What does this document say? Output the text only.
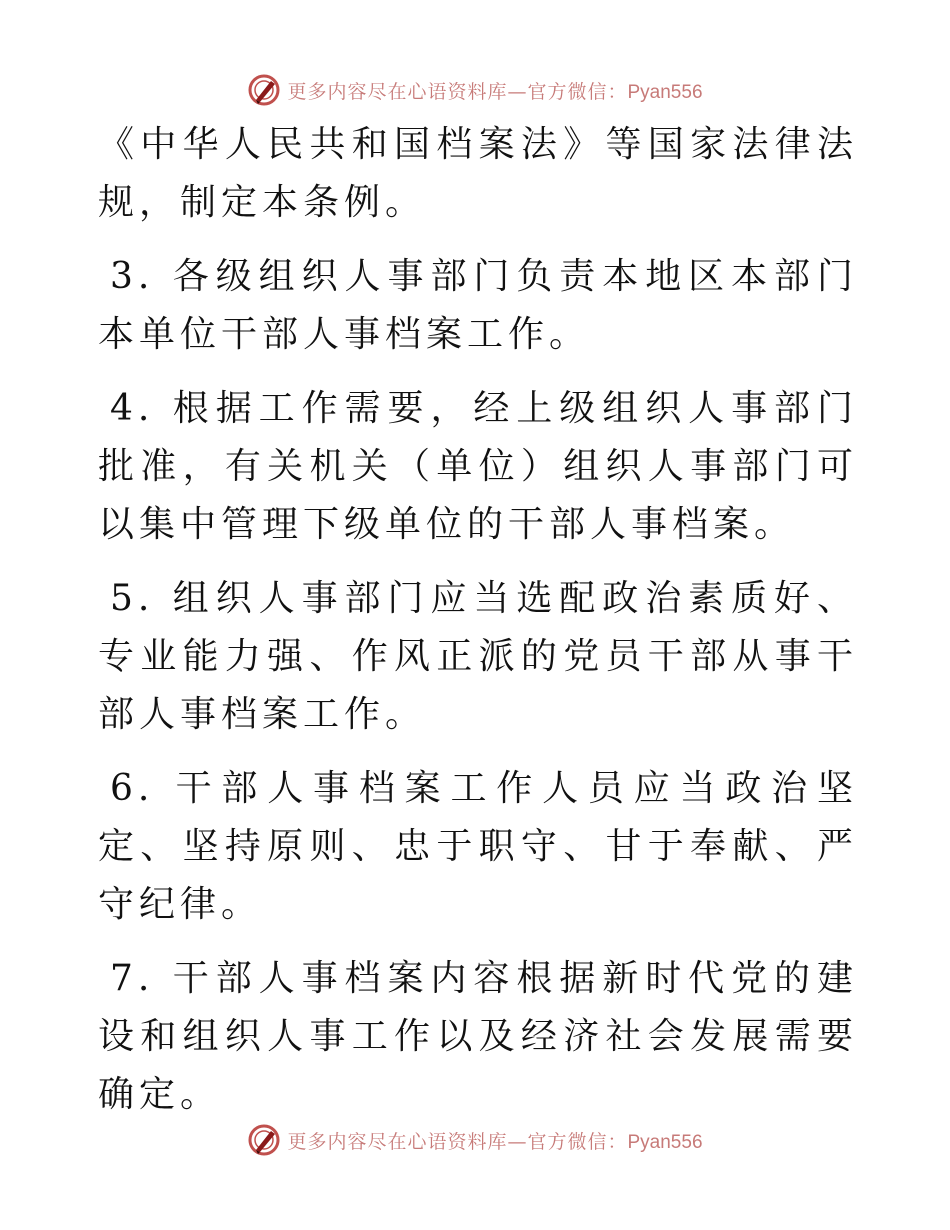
更多内容尽在心语资料库—官方微信：Pyan556

《中华人民共和国档案法》等国家法律法规，制定本条例。

3. 各级组织人事部门负责本地区本部门本单位干部人事档案工作。

4. 根据工作需要，经上级组织人事部门批准，有关机关（单位）组织人事部门可以集中管理下级单位的干部人事档案。

5. 组织人事部门应当选配政治素质好、专业能力强、作风正派的党员干部从事干部人事档案工作。

6. 干部人事档案工作人员应当政治坚定、坚持原则、忠于职守、甘于奉献、严守纪律。

7. 干部人事档案内容根据新时代党的建设和组织人事工作以及经济社会发展需要确定。

更多内容尽在心语资料库—官方微信：Pyan556
